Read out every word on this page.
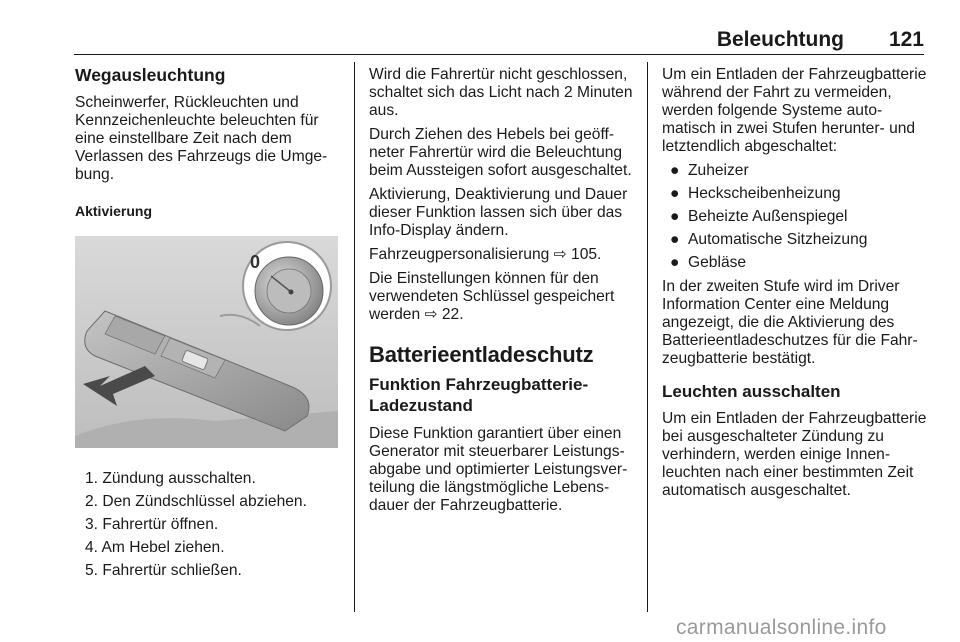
Beleuchtung 121
Wegausleuchtung

Scheinwerfer, Rückleuchten und Kennzeichenleuchte beleuchten für eine einstellbare Zeit nach dem Verlassen des Fahrzeugs die Umgebung.

Aktivierung
0
1. Zündung ausschalten.
2. Den Zündschlüssel abziehen.
3. Fahrertür öffnen.
4. Am Hebel ziehen.
5. Fahrertür schließen.

Wird die Fahrertür nicht geschlossen, schaltet sich das Licht nach 2 Minuten aus.

Durch Ziehen des Hebels bei geöffneter Fahrertür wird die Beleuchtung beim Aussteigen sofort ausgeschaltet.

Aktivierung, Deaktivierung und Dauer dieser Funktion lassen sich über das Info-Display ändern.

Fahrzeugpersonalisierung ⇨ 105.

Die Einstellungen können für den verwendeten Schlüssel gespeichert werden ⇨ 22.

Batterieentladeschutz
Funktion Fahrzeugbatterie-Ladezustand

Diese Funktion garantiert über einen Generator mit steuerbarer Leistungsabgabe und optimierter Leistungsverteilung die längstmögliche Lebensdauer der Fahrzeugbatterie.

Um ein Entladen der Fahrzeugbatterie während der Fahrt zu vermeiden, werden folgende Systeme automatisch in zwei Stufen herunter- und letztendlich abgeschaltet:

● Zuheizer
● Heckscheibenheizung
● Beheizte Außenspiegel
● Automatische Sitzheizung
● Gebläse

In der zweiten Stufe wird im Driver Information Center eine Meldung angezeigt, die die Aktivierung des Batterieentladeschutzes für die Fahrzeugbatterie bestätigt.

Leuchten ausschalten

Um ein Entladen der Fahrzeugbatterie bei ausgeschalteter Zündung zu verhindern, werden einige Innenleuchten nach einer bestimmten Zeit automatisch ausgeschaltet.

carmanualsonline.info
